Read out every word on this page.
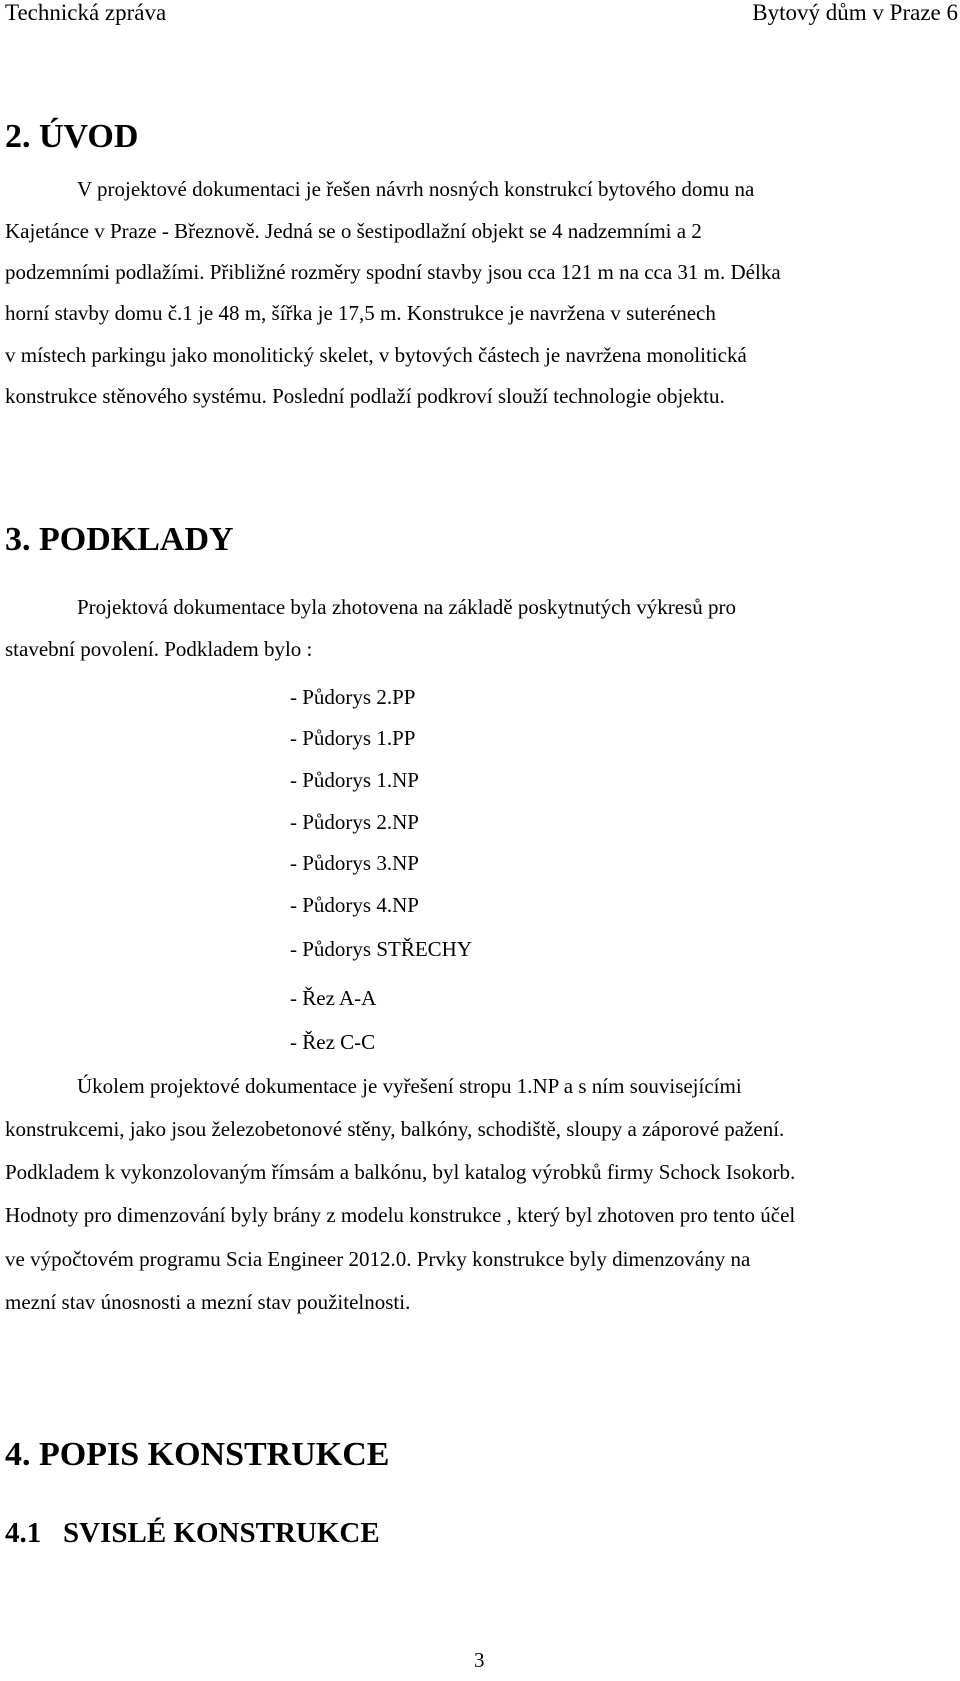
Technická zpráva	Bytový dům v Praze 6
2. ÚVOD
V projektové dokumentaci je řešen návrh nosných konstrukcí bytového domu na
Kajetánce v Praze - Březnově. Jedná se o šestipodlažní objekt se 4 nadzemními a 2
podzemními podlažími. Přibližné rozměry spodní stavby jsou cca 121 m na cca 31 m. Délka
horní stavby domu č.1 je 48 m, šířka je 17,5 m. Konstrukce je navržena v suterénech
v místech parkingu jako monolitický skelet, v bytových částech je navržena monolitická
konstrukce stěnového systému. Poslední podlaží podkroví slouží technologie objektu.
3. PODKLADY
Projektová dokumentace byla zhotovena na základě poskytnutých výkresů pro
stavební povolení. Podkladem bylo :
- Půdorys 2.PP
- Půdorys 1.PP
- Půdorys 1.NP
- Půdorys 2.NP
- Půdorys 3.NP
- Půdorys 4.NP
- Půdorys STŘECHY
- Řez A-A
- Řez C-C
Úkolem projektové dokumentace je vyřešení stropu 1.NP a s ním souvisejícími
konstrukcemi, jako jsou železobetonové stěny, balkóny, schodiště, sloupy a záporové pažení.
Podkladem k vykonzolovaným římsám a balkónu, byl katalog výrobků firmy Schock Isokorb.
Hodnoty pro dimenzování byly brány z modelu konstrukce , který byl zhotoven pro tento účel
ve výpočtovém programu Scia Engineer 2012.0. Prvky konstrukce byly dimenzovány na
mezní stav únosnosti a mezní stav použitelnosti.
4. POPIS KONSTRUKCE
4.1   SVISLÉ KONSTRUKCE
3
